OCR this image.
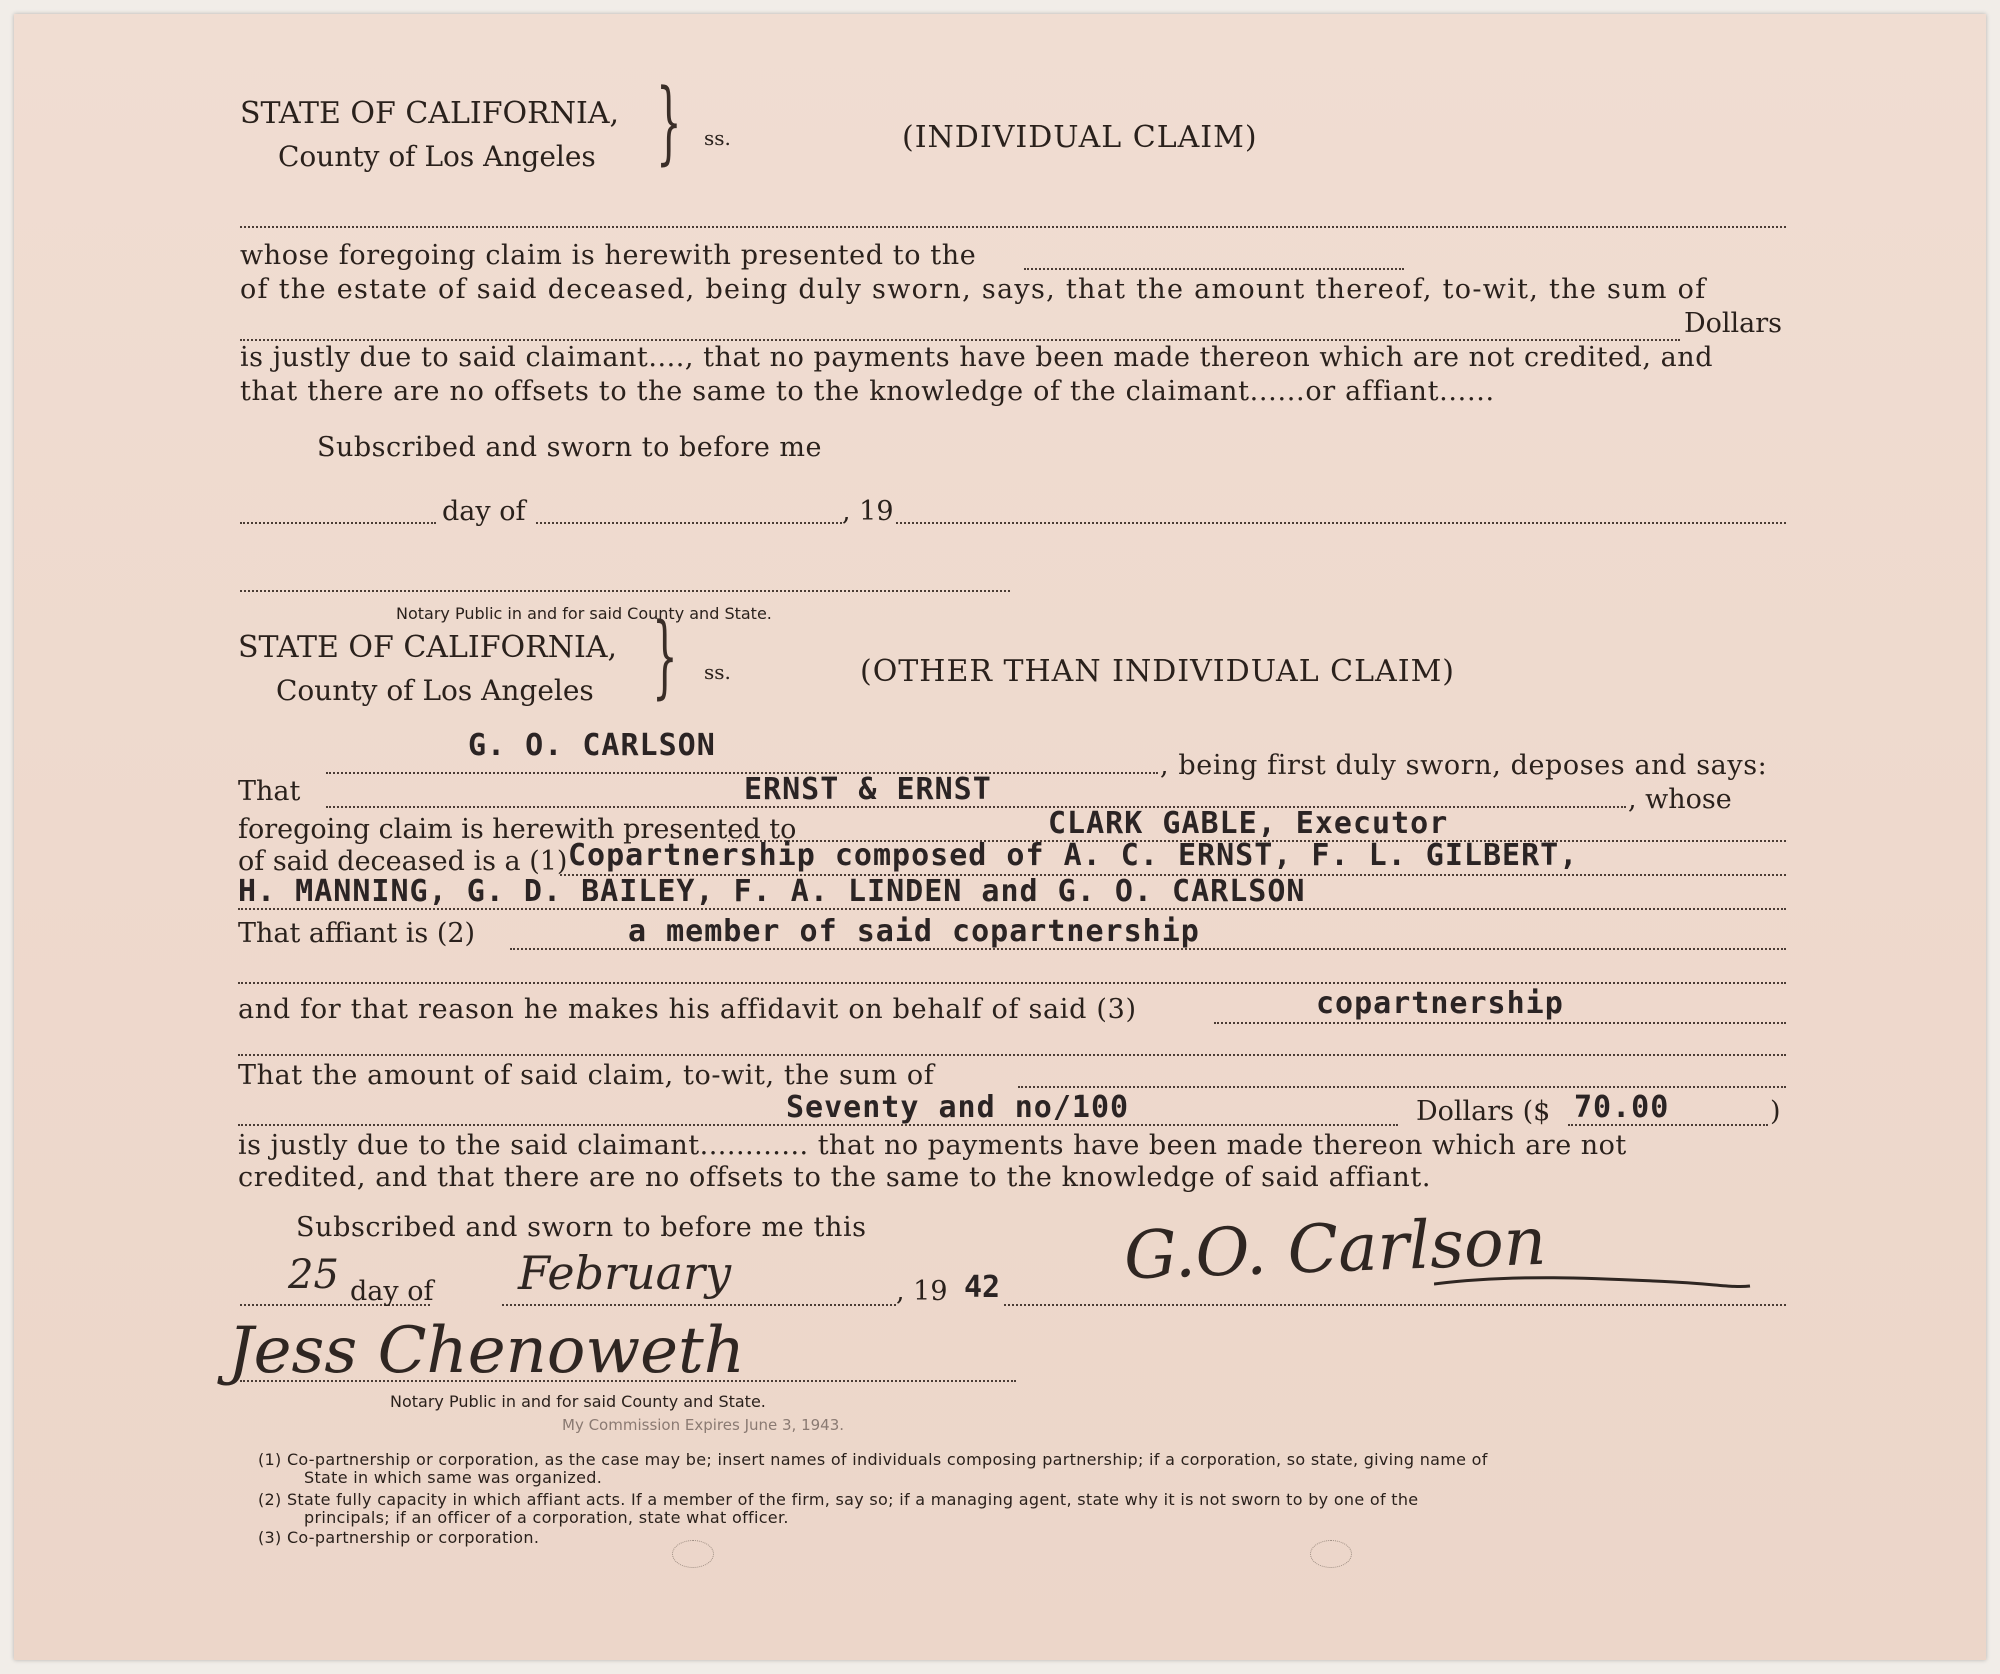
STATE OF CALIFORNIA,
County of Los Angeles } ss.	(INDIVIDUAL CLAIM)
whose foregoing claim is herewith presented to the
of the estate of said deceased, being duly sworn, says, that the amount thereof, to-wit, the sum of
Dollars
is justly due to said claimant...., that no payments have been made thereon which are not credited, and
that there are no offsets to the same to the knowledge of the claimant......or affiant......
Subscribed and sworn to before me
day of	, 19
Notary Public in and for said County and State.
STATE OF CALIFORNIA,
County of Los Angeles } ss.	(OTHER THAN INDIVIDUAL CLAIM)
G. O. CARLSON
That
, being first duly sworn, deposes and says:
ERNST & ERNST	, whose
foregoing claim is herewith presented to	CLARK GABLE, Executor
of said deceased is a (1) Copartnership composed of A. C. ERNST, F. L. GILBERT,
H. MANNING, G. D. BAILEY, F. A. LINDEN and G. O. CARLSON
That affiant is (2)	a member of said copartnership
and for that reason he makes his affidavit on behalf of said (3)	copartnership
That the amount of said claim, to-wit, the sum of
Seventy and no/100	Dollars ($ 70.00	)
is justly due to the said claimant............ that no payments have been made thereon which are not
credited, and that there are no offsets to the same to the knowledge of said affiant.
Subscribed and sworn to before me this
25 day of February	, 19 42 G.O. Carlson
Jess Chenoweth
Notary Public in and for said County and State.
My Commission Expires June 3, 1943.
(1) Co-partnership or corporation, as the case may be; insert names of individuals composing partnership; if a corporation, so state, giving name of
State in which same was organized.
(2) State fully capacity in which affiant acts. If a member of the firm, say so; if a managing agent, state why it is not sworn to by one of the
principals; if an officer of a corporation, state what officer.
(3) Co-partnership or corporation.
